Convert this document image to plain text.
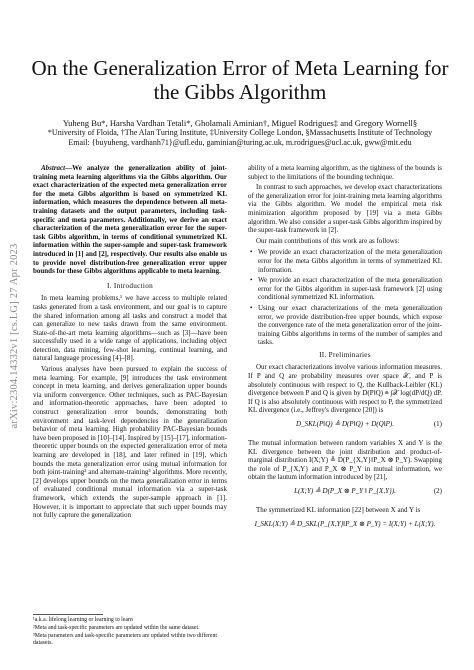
arXiv:2304.14332v1 [cs.LG] 27 Apr 2023
On the Generalization Error of Meta Learning for the Gibbs Algorithm
Yuheng Bu*, Harsha Vardhan Tetali*, Gholamali Aminian†, Miguel Rodrigues‡ and Gregory Wornell§
*University of Floida, †The Alan Turing Institute, ‡University College London, §Massachusetts Institute of Technology
Email: {buyuheng, vardhanh71}@ufl.edu, gaminian@turing.ac.uk, m.rodrigues@ucl.ac.uk, gww@mit.edu

Abstract—We analyze the generalization ability of joint-training meta learning algorithms via the Gibbs algorithm. Our exact characterization of the expected meta generalization error for the meta Gibbs algorithm is based on symmetrized KL information, which measures the dependence between all meta-training datasets and the output parameters, including task-specific and meta parameters. Additionally, we derive an exact characterization of the meta generalization error for the super-task Gibbs algorithm, in terms of conditional symmetrized KL information within the super-sample and super-task framework introduced in [1] and [2], respectively. Our results also enable us to provide novel distribution-free generalization error upper bounds for these Gibbs algorithms applicable to meta learning.

I. Introduction

In meta learning problems,¹ we have access to multiple related tasks generated from a task environment, and our goal is to capture the shared information among all tasks and construct a model that can generalize to new tasks drawn from the same environment. State-of-the-art meta learning algorithms—such as [3]—have been successfully used in a wide range of applications, including object detection, data mining, few-shot learning, continual learning, and natural language processing [4]–[8].

Various analyses have been pursued to explain the success of meta learning. For example, [9] introduces the task environment concept in meta learning, and derives generalization upper bounds via uniform convergence. Other techniques, such as PAC-Bayesian and information-theoretic approaches, have been adopted to construct generalization error bounds, demonstrating both environment and task-level dependencies in the generalization behavior of meta learning. High probability PAC-Bayesian bounds have been proposed in [10]–[14]. Inspired by [15]–[17], information-theoretic upper bounds on the expected generalization error of meta learning are developed in [18], and later refined in [19], which bounds the meta generalization error using mutual information for both joint-training² and alternate-training³ algorithms. More recently, [2] develops upper bounds on the meta generalization error in terms of evaluated conditional mutual information via a super-task framework, which extends the super-sample approach in [1]. However, it is important to appreciate that such upper bounds may not fully capture the generalization

ability of a meta learning algorithm, as the tightness of the bounds is subject to the limitations of the bounding technique.

In contrast to such approaches, we develop exact characterizations of the generalization error for joint-training meta learning algorithms via the Gibbs algorithm. We model the empirical meta risk minimization algorithm proposed by [19] via a meta Gibbs algorithm. We also consider a super-task Gibbs algorithm inspired by the super-task framework in [2].

Our main contributions of this work are as follows:

• We provide an exact characterization of the meta generalization error for the meta Gibbs algorithm in terms of symmetrized KL information.
• We provide an exact characterization of the meta generalization error for the Gibbs algorithm in super-task framework [2] using conditional symmetrized KL information.
• Using our exact characterizations of the meta generalization error, we provide distribution-free upper bounds, which expose the convergence rate of the meta generalization error of the joint-training Gibbs algorithms in terms of the number of samples and tasks.
II. Preliminaries

Our exact characterizations involve various information measures. If P and Q are probability measures over space 𝒳, and P is absolutely continuous with respect to Q, the Kullback-Leibler (KL) divergence between P and Q is given by D(P‖Q) ≜ ∫𝒳 log(dP/dQ) dP. If Q is also absolutely continuous with respect to P, the symmetrized KL divergence (i.e., Jeffrey's divergence [20]) is

D_SKL(P‖Q) ≜ D(P‖Q) + D(Q‖P).	(1)

The mutual information between random variables X and Y is the KL divergence between the joint distribution and product-of-marginal distribution I(X;Y) ≜ D(P_{X,Y}‖P_X ⊗ P_Y). Swapping the role of P_{X,Y} and P_X ⊗ P_Y in mutual information, we obtain the lautum information introduced by [21],

L(X;Y) ≜ D(P_X ⊗ P_Y ‖ P_{X,Y}).	(2)

The symmetrized KL information [22] between X and Y is

I_SKL(X;Y) ≜ D_SKL(P_{X,Y}‖P_X ⊗ P_Y) = I(X;Y) + L(X;Y).
¹a.k.a. lifelong learning or learning to learn
²Meta and task-specific parameters are updated within the same dataset.
³Meta parameters and task-specific parameters are updated within two different datasets.
